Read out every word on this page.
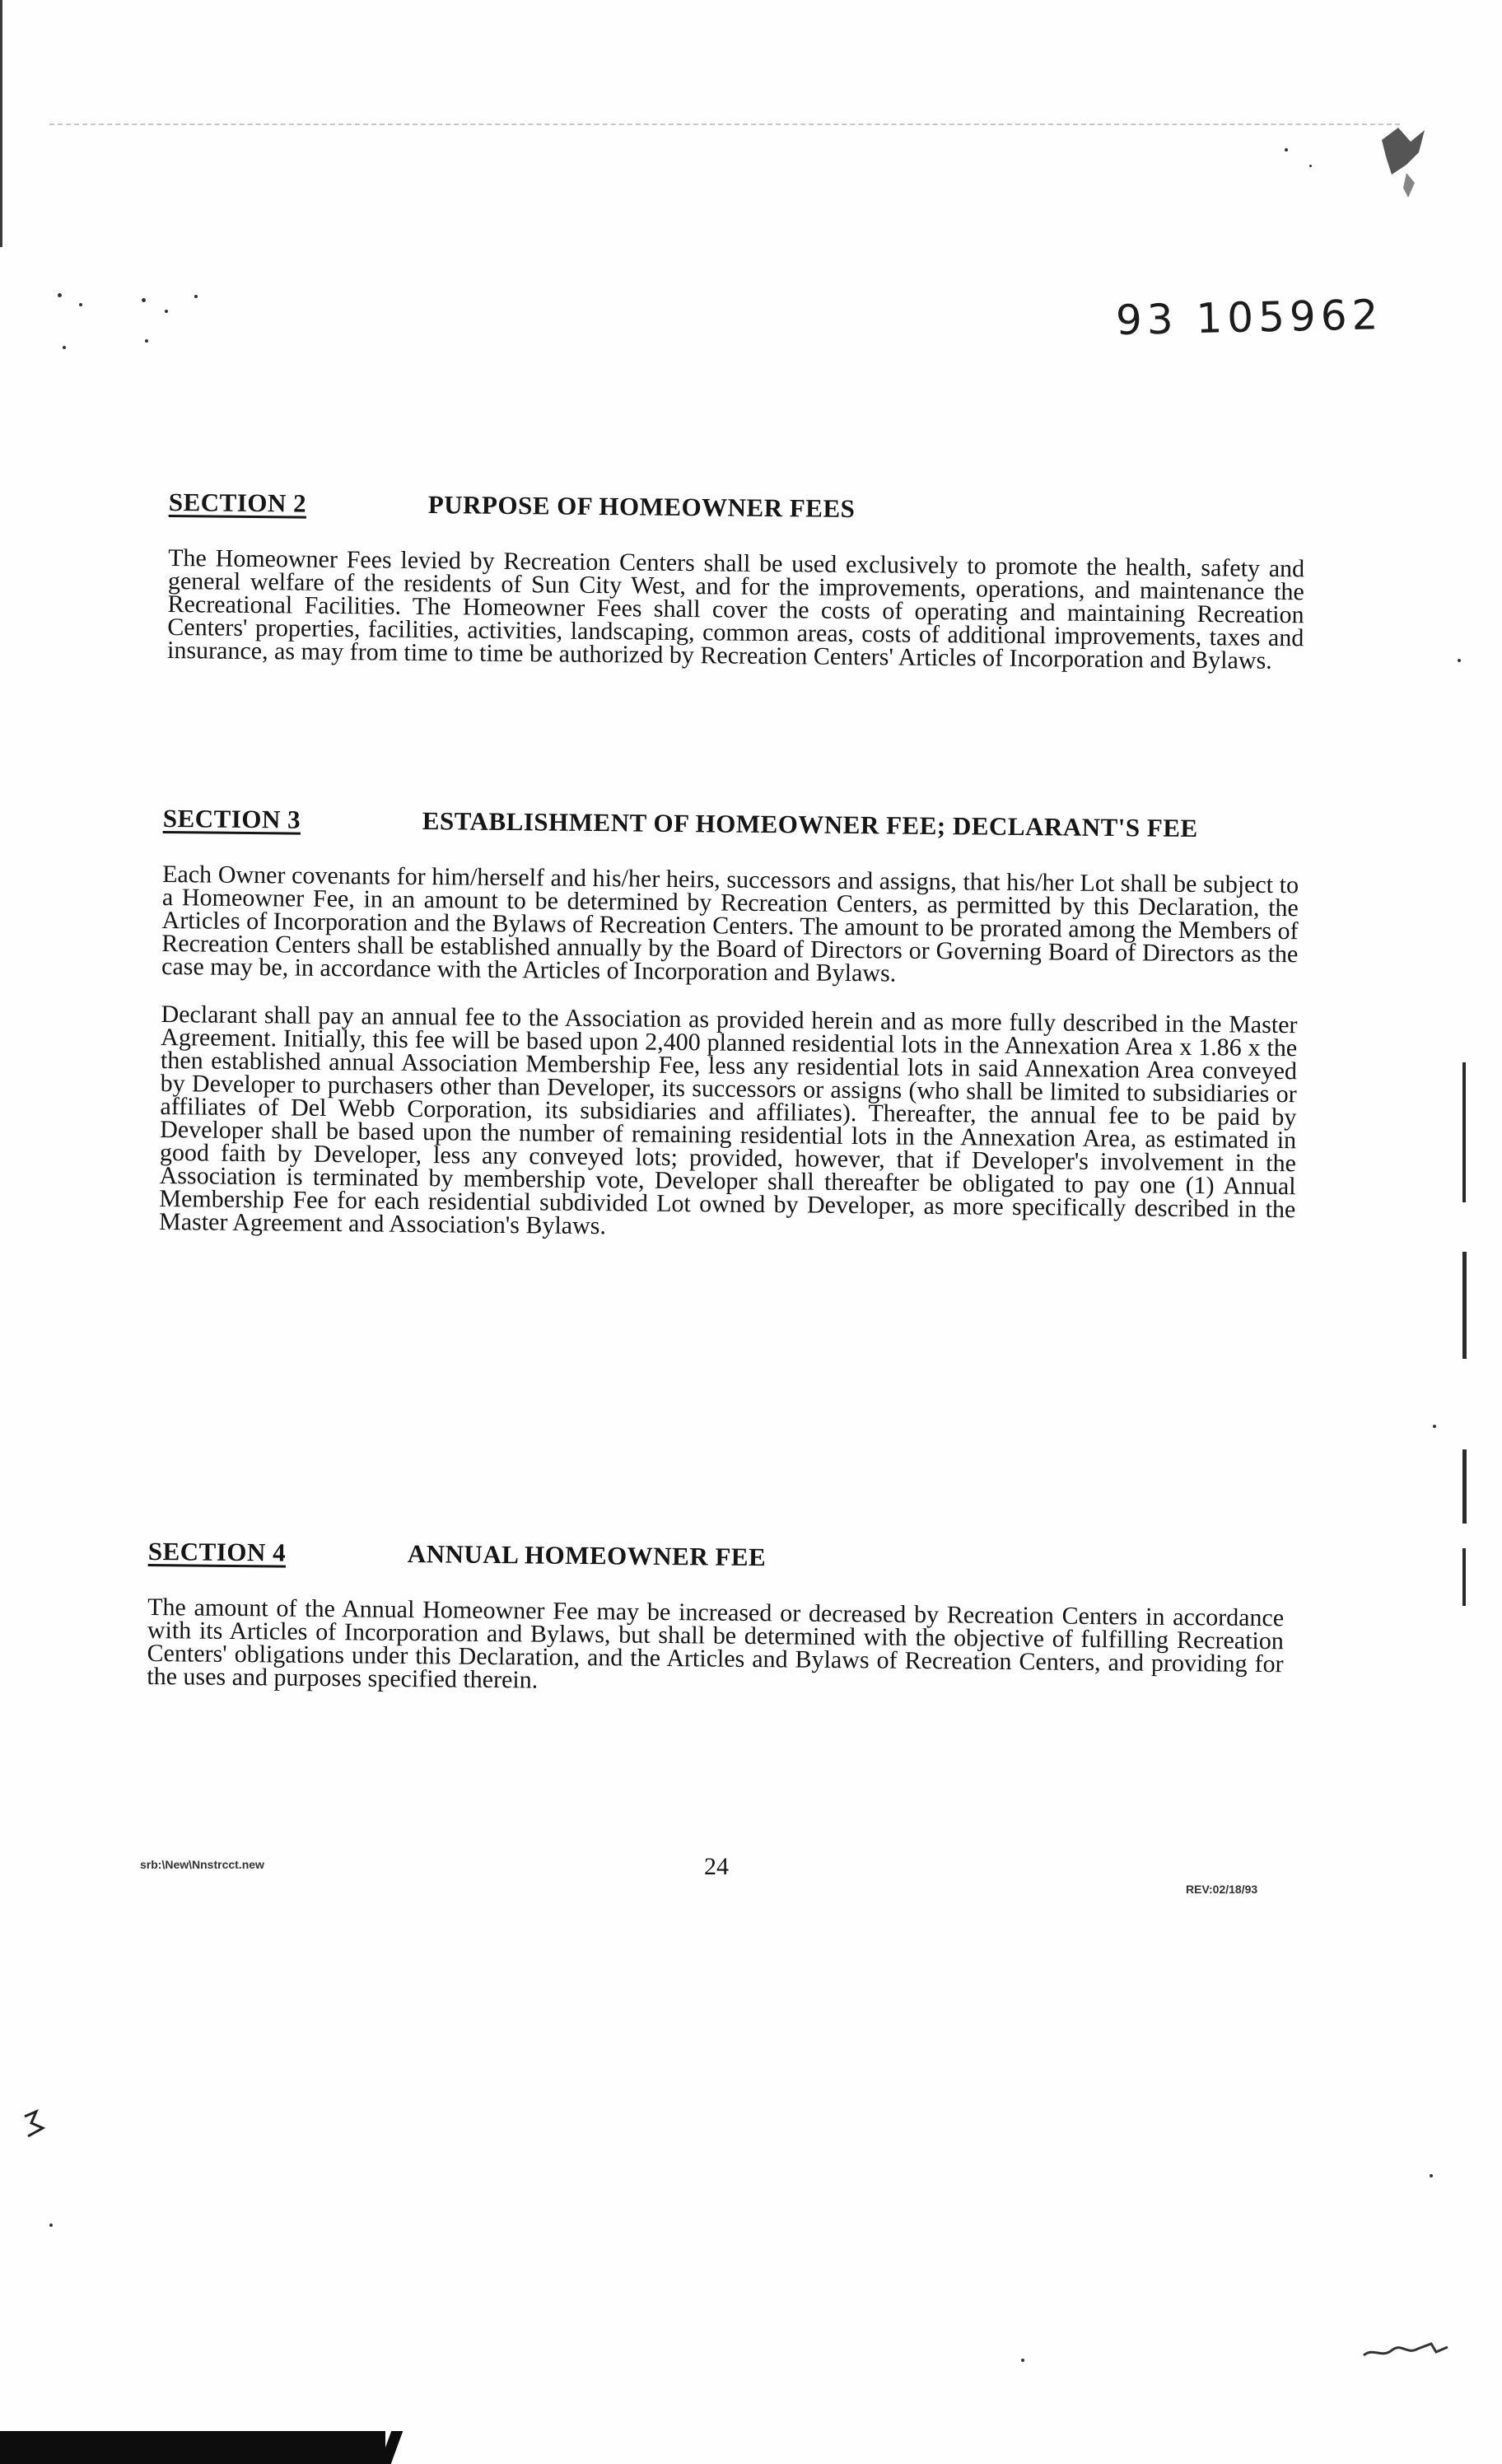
93 105962
SECTION 2	PURPOSE OF HOMEOWNER FEES

The Homeowner Fees levied by Recreation Centers shall be used exclusively to promote the health, safety and general welfare of the residents of Sun City West, and for the improvements, operations, and maintenance the Recreational Facilities. The Homeowner Fees shall cover the costs of operating and maintaining Recreation Centers' properties, facilities, activities, landscaping, common areas, costs of additional improvements, taxes and insurance, as may from time to time be authorized by Recreation Centers' Articles of Incorporation and Bylaws.

SECTION 3	ESTABLISHMENT OF HOMEOWNER FEE; DECLARANT'S FEE

Each Owner covenants for him/herself and his/her heirs, successors and assigns, that his/her Lot shall be subject to a Homeowner Fee, in an amount to be determined by Recreation Centers, as permitted by this Declaration, the Articles of Incorporation and the Bylaws of Recreation Centers. The amount to be prorated among the Members of Recreation Centers shall be established annually by the Board of Directors or Governing Board of Directors as the case may be, in accordance with the Articles of Incorporation and Bylaws.

Declarant shall pay an annual fee to the Association as provided herein and as more fully described in the Master Agreement. Initially, this fee will be based upon 2,400 planned residential lots in the Annexation Area x 1.86 x the then established annual Association Membership Fee, less any residential lots in said Annexation Area conveyed by Developer to purchasers other than Developer, its successors or assigns (who shall be limited to subsidiaries or affiliates of Del Webb Corporation, its subsidiaries and affiliates). Thereafter, the annual fee to be paid by Developer shall be based upon the number of remaining residential lots in the Annexation Area, as estimated in good faith by Developer, less any conveyed lots; provided, however, that if Developer's involvement in the Association is terminated by membership vote, Developer shall thereafter be obligated to pay one (1) Annual Membership Fee for each residential subdivided Lot owned by Developer, as more specifically described in the Master Agreement and Association's Bylaws.

SECTION 4	ANNUAL HOMEOWNER FEE

The amount of the Annual Homeowner Fee may be increased or decreased by Recreation Centers in accordance with its Articles of Incorporation and Bylaws, but shall be determined with the objective of fulfilling Recreation Centers' obligations under this Declaration, and the Articles and Bylaws of Recreation Centers, and providing for the uses and purposes specified therein.

srb:\New\Nnstrcct.new	24
REV:02/18/93
